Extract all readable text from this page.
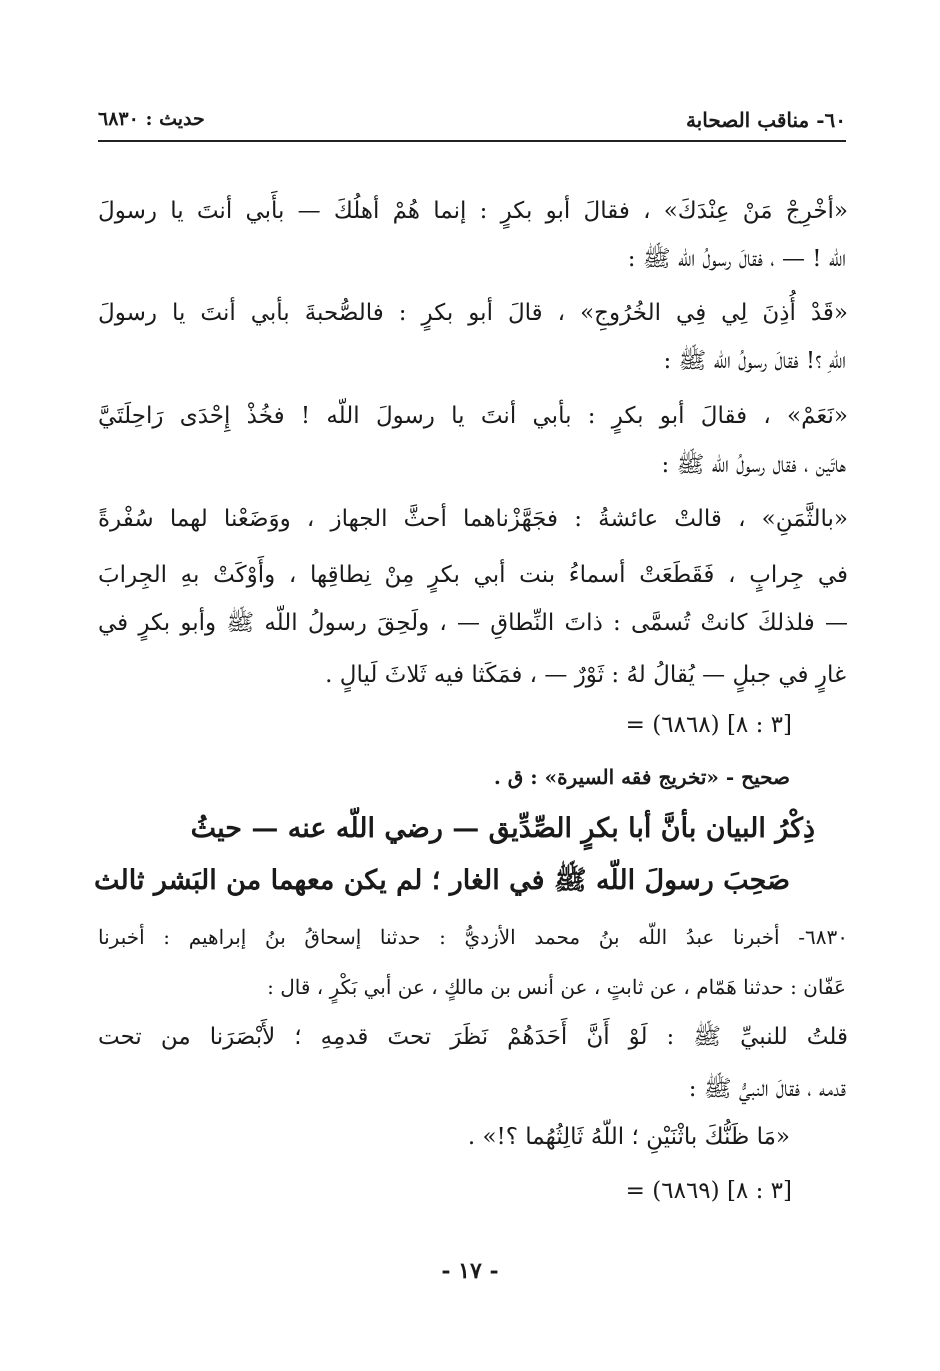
٦٠- مناقب الصحابة
حديث : ٦٨٣٠
«أخْرِجْ مَنْ عِنْدَكَ» ، فقالَ أبو بكرٍ : إنما هُمْ أهلُكَ — بأَبي أنتَ يا رسولَ
اللّه ! — ، فقالَ رسولُ اللّه ﷺ :
«قَدْ أُذِنَ لِي فِي الخُرُوجِ» ، قالَ أبو بكرٍ : فالصُّحبةَ بأبي أنتَ يا رسولَ
اللّهِ ؟! فقالَ رسولُ اللّه ﷺ :
«نَعَمْ» ، فقالَ أبو بكرٍ : بأبي أنتَ يا رسولَ اللّه ! فخُذْ إِحْدَى رَاحِلَتَيَّ
هاتَين ، فقال رسولُ اللّه ﷺ :
«بالثَّمَنِ» ، قالتْ عائشةُ : فجَهَّزْناهما أحثَّ الجهاز ، ووَضَعْنا لهما سُفْرةً
في جِرابٍ ، فَقَطَعَتْ أسماءُ بنت أبي بكرٍ مِنْ نِطاقِها ، وأَوْكَتْ بهِ الجِرابَ
— فلذلكَ كانتْ تُسمَّى : ذاتَ النِّطاقِ — ، ولَحِقَ رسولُ اللّه ﷺ وأبو بكرٍ في
غارٍ في جبلٍ — يُقالُ لهُ : ثَوْرٌ — ، فمَكَثا فيه ثَلاثَ لَيالٍ .
= (٦٨٦٨) [٣ : ٨]
صحيح - «تخريج فقه السيرة» : ق .
ذِكْرُ البيان بأنَّ أبا بكرٍ الصِّدِّيق — رضي اللّه عنه — حيثُ
صَحِبَ رسولَ اللّه ﷺ في الغار ؛ لم يكن معهما من البَشر ثالث
٦٨٣٠- أخبرنا عبدُ اللّه بنُ محمد الأزديُّ : حدثنا إسحاقُ بنُ إبراهيم : أخبرنا
عَفّان : حدثنا هَمّام ، عن ثابتٍ ، عن أنس بن مالكٍ ، عن أبي بَكْرٍ ، قال :
قلتُ للنبيِّ ﷺ : لَوْ أَنَّ أَحَدَهُمْ نَظَرَ تحتَ قدمِهِ ؛ لأَبْصَرَنا من تحت
قدمه ، فقالَ النبيُّ ﷺ :
«مَا ظَنُّكَ باثْنَيْنِ ؛ اللّهُ ثَالِثُهُما ؟!» .
= (٦٨٦٩) [٣ : ٨]
- ١٧ -
